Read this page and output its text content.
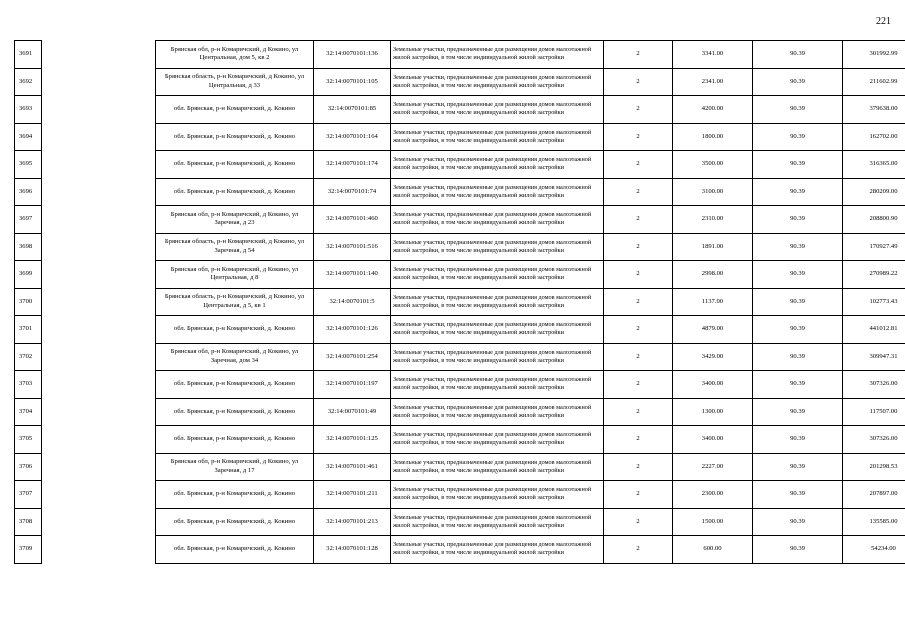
221
3691		Брянская обл, р-н Комаричский, д Кокино, ул Центральная, дом 5, кв 2	32:14:0070101:136	Земельные участки, предназначенные для размещения домов малоэтажной жилой застройки, в том числе индивидуальной жилой застройки	2	3341.00	90.39	301992.99
3692		Брянская область, р-н Комаричский, д Кокино, ул Центральная, д 33	32:14:0070101:105	Земельные участки, предназначенные для размещения домов малоэтажной жилой застройки, в том числе индивидуальной жилой застройки	2	2341.00	90.39	211602.99
3693		обл. Брянская, р-н Комаричский, д. Кокино	32:14:0070101:85	Земельные участки, предназначенные для размещения домов малоэтажной жилой застройки, в том числе индивидуальной жилой застройки	2	4200.00	90.39	379638.00
3694		обл. Брянская, р-н Комаричский, д. Кокино	32:14:0070101:164	Земельные участки, предназначенные для размещения домов малоэтажной жилой застройки, в том числе индивидуальной жилой застройки	2	1800.00	90.39	162702.00
3695		обл. Брянская, р-н Комаричский, д. Кокино	32:14:0070101:174	Земельные участки, предназначенные для размещения домов малоэтажной жилой застройки, в том числе индивидуальной жилой застройки	2	3500.00	90.39	316365.00
3696		обл. Брянская, р-н Комаричский, д. Кокино	32:14:0070101:74	Земельные участки, предназначенные для размещения домов малоэтажной жилой застройки, в том числе индивидуальной жилой застройки	2	3100.00	90.39	280209.00
3697		Брянская обл, р-н Комаричский, д Кокино, ул Заречная, д 23	32:14:0070101:460	Земельные участки, предназначенные для размещения домов малоэтажной жилой застройки, в том числе индивидуальной жилой застройки	2	2310.00	90.39	208800.90
3698		Брянская область, р-н Комаричский, д Кокино, ул Заречная, д 54	32:14:0070101:516	Земельные участки, предназначенные для размещения домов малоэтажной жилой застройки, в том числе индивидуальной жилой застройки	2	1891.00	90.39	170927.49
3699		Брянская обл, р-н Комаричский, д Кокино, ул Центральная, д 8	32:14:0070101:140	Земельные участки, предназначенные для размещения домов малоэтажной жилой застройки, в том числе индивидуальной жилой застройки	2	2998.00	90.39	270989.22
3700		Брянская область, р-н Комаричский, д Кокино, ул Центральная, д 5, кв 1	32:14:0070101:5	Земельные участки, предназначенные для размещения домов малоэтажной жилой застройки, в том числе индивидуальной жилой застройки	2	1137.00	90.39	102773.43
3701		обл. Брянская, р-н Комаричский, д. Кокино	32:14:0070101:126	Земельные участки, предназначенные для размещения домов малоэтажной жилой застройки, в том числе индивидуальной жилой застройки	2	4879.00	90.39	441012.81
3702		Брянская обл, р-н Комаричский, д Кокино, ул Заречная, дом 34	32:14:0070101:254	Земельные участки, предназначенные для размещения домов малоэтажной жилой застройки, в том числе индивидуальной жилой застройки	2	3429.00	90.39	309947.31
3703		обл. Брянская, р-н Комаричский, д. Кокино	32:14:0070101:197	Земельные участки, предназначенные для размещения домов малоэтажной жилой застройки, в том числе индивидуальной жилой застройки	2	3400.00	90.39	307326.00
3704		обл. Брянская, р-н Комаричский, д. Кокино	32:14:0070101:49	Земельные участки, предназначенные для размещения домов малоэтажной жилой застройки, в том числе индивидуальной жилой застройки	2	1300.00	90.39	117507.00
3705		обл. Брянская, р-н Комаричский, д. Кокино	32:14:0070101:125	Земельные участки, предназначенные для размещения домов малоэтажной жилой застройки, в том числе индивидуальной жилой застройки	2	3400.00	90.39	307326.00
3706		Брянская обл, р-н Комаричский, д Кокино, ул Заречная, д 17	32:14:0070101:461	Земельные участки, предназначенные для размещения домов малоэтажной жилой застройки, в том числе индивидуальной жилой застройки	2	2227.00	90.39	201298.53
3707		обл. Брянская, р-н Комаричский, д. Кокино	32:14:0070101:211	Земельные участки, предназначенные для размещения домов малоэтажной жилой застройки, в том числе индивидуальной жилой застройки	2	2300.00	90.39	207897.00
3708		обл. Брянская, р-н Комаричский, д. Кокино	32:14:0070101:213	Земельные участки, предназначенные для размещения домов малоэтажной жилой застройки, в том числе индивидуальной жилой застройки	2	1500.00	90.39	135585.00
3709		обл. Брянская, р-н Комаричский, д. Кокино	32:14:0070101:128	Земельные участки, предназначенные для размещения домов малоэтажной жилой застройки, в том числе индивидуальной жилой застройки	2	600.00	90.39	54234.00
